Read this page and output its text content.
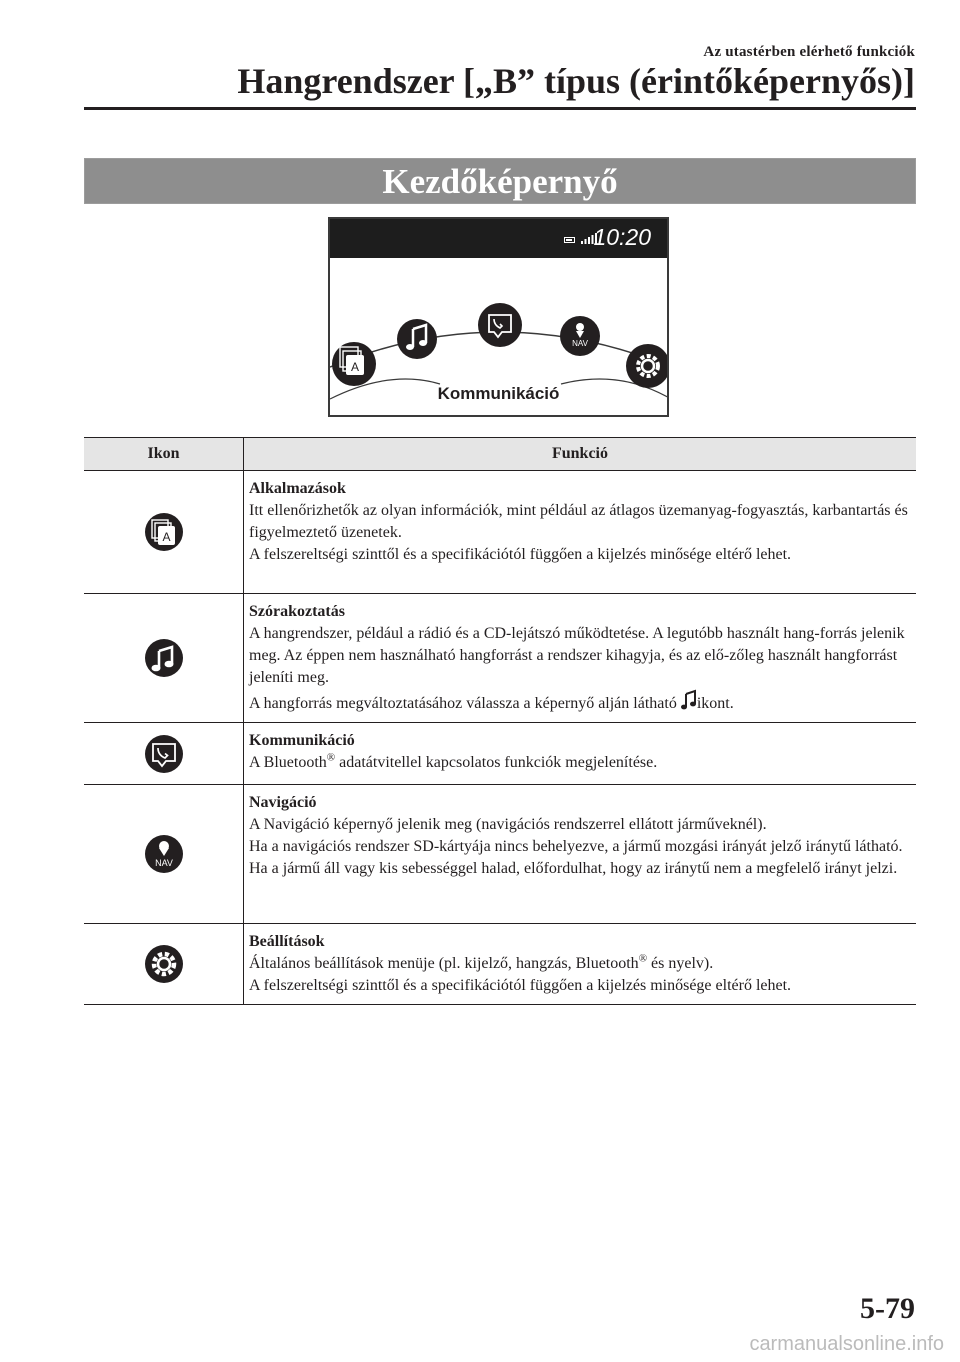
Az utastérben elérhető funkciók
Hangrendszer [„B” típus (érintőképernyős)]
Kezdőképernyő
10:20
A
NAV
Kommunikáció
Ikon	Funkció

A	Alkalmazások
Itt ellenőrizhetők az olyan információk, mint például az átlagos üzemanyag-fogyasztás, karbantartás és figyelmeztető üzenetek.
A felszereltségi szinttől és a specifikációtól függően a kijelzés minősége eltérő lehet.

Szórakoztatás
A hangrendszer, például a rádió és a CD-lejátszó működtetése. A legutóbb használt hang-forrás jelenik meg. Az éppen nem használható hangforrást a rendszer kihagyja, és az elő-zőleg használt hangforrást jeleníti meg.
A hangforrás megváltoztatásához válassza a képernyő alján látható ikont.

Kommunikáció
A Bluetooth® adatátvitellel kapcsolatos funkciók megjelenítése.

NAV	Navigáció
A Navigáció képernyő jelenik meg (navigációs rendszerrel ellátott járműveknél).
Ha a navigációs rendszer SD-kártyája nincs behelyezve, a jármű mozgási irányát jelző iránytű látható.
Ha a jármű áll vagy kis sebességgel halad, előfordulhat, hogy az iránytű nem a megfelelő irányt jelzi.

Beállítások
Általános beállítások menüje (pl. kijelző, hangzás, Bluetooth® és nyelv).
A felszereltségi szinttől és a specifikációtól függően a kijelzés minősége eltérő lehet.
5-79
carmanualsonline.info
